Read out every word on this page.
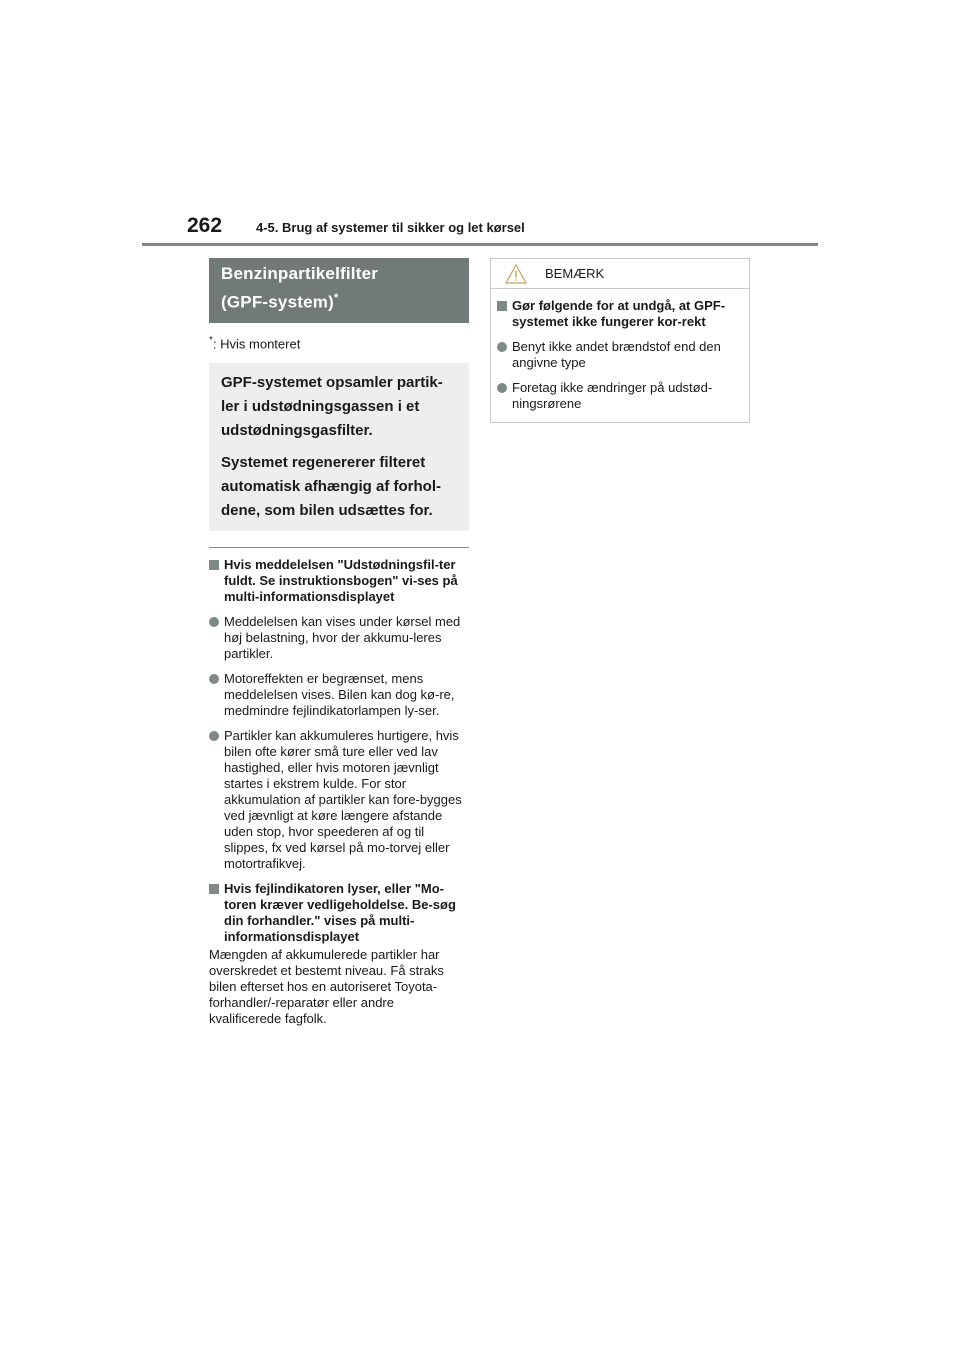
262	4-5. Brug af systemer til sikker og let kørsel
Benzinpartikelfilter
(GPF-system)*
*: Hvis monteret

GPF-systemet opsamler partik-ler i udstødningsgassen i et udstødningsgasfilter.

Systemet regenererer filteret automatisk afhængig af forhol-dene, som bilen udsættes for.

Hvis meddelelsen "Udstødningsfil-ter fuldt. Se instruktionsbogen" vi-ses på multi-informationsdisplayet
Meddelelsen kan vises under kørsel med høj belastning, hvor der akkumu-leres partikler.
Motoreffekten er begrænset, mens meddelelsen vises. Bilen kan dog kø-re, medmindre fejlindikatorlampen ly-ser.
Partikler kan akkumuleres hurtigere, hvis bilen ofte kører små ture eller ved lav hastighed, eller hvis motoren jævnligt startes i ekstrem kulde. For stor akkumulation af partikler kan fore-bygges ved jævnligt at køre længere afstande uden stop, hvor speederen af og til slippes, fx ved kørsel på mo-torvej eller motortrafikvej.
Hvis fejlindikatoren lyser, eller "Mo-toren kræver vedligeholdelse. Be-søg din forhandler." vises på multi-informationsdisplayet
Mængden af akkumulerede partikler har overskredet et bestemt niveau. Få straks bilen efterset hos en autoriseret Toyota-forhandler/-reparatør eller andre kvalificerede fagfolk.
BEMÆRK
Gør følgende for at undgå, at GPF-systemet ikke fungerer kor-rekt
Benyt ikke andet brændstof end den angivne type
Foretag ikke ændringer på udstød-ningsrørene
